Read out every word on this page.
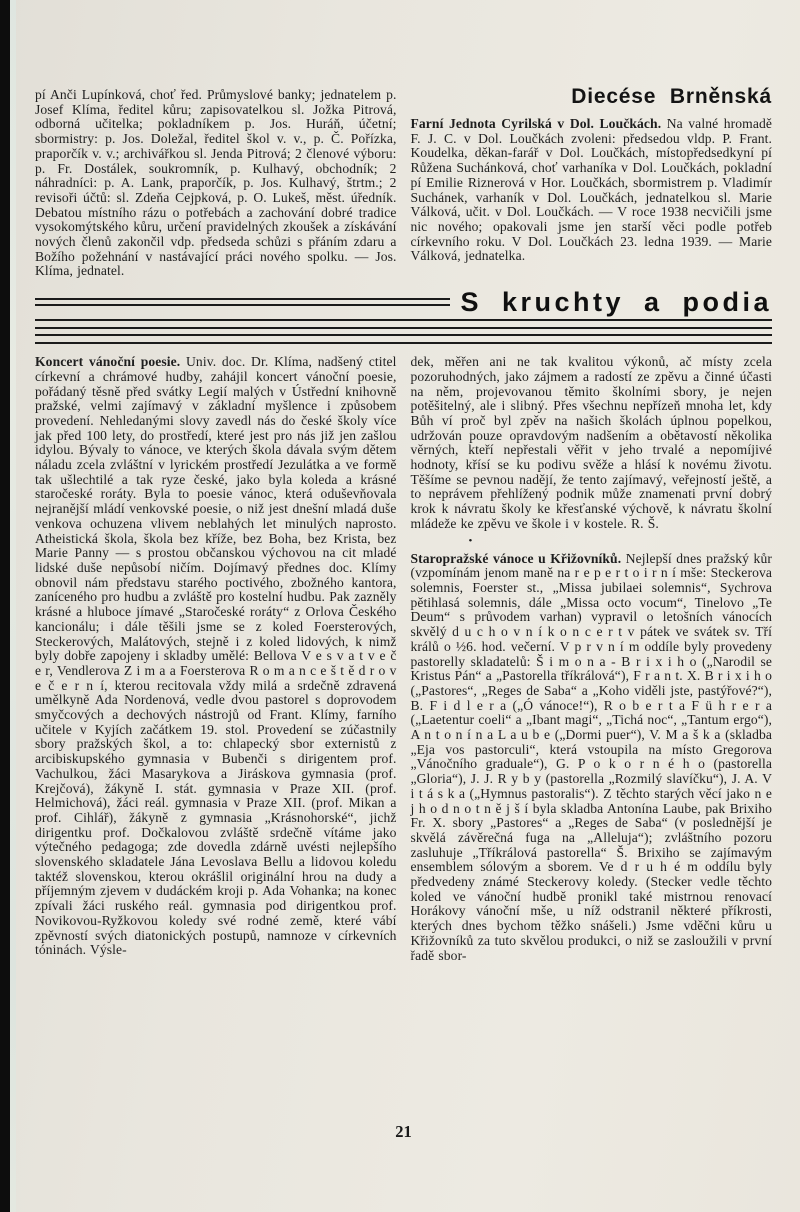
pí Anči Lupínková, choť řed. Průmyslové banky; jednatelem p. Josef Klíma, ředitel kůru; zapisovatelkou sl. Jožka Pitrová, odborná učitelka; pokladníkem p. Jos. Huráň, účetní; sbormistry: p. Jos. Doležal, ředitel škol v. v., p. Č. Pořízka, praporčík v. v.; archivářkou sl. Jenda Pitrová; 2 členové výboru: p. Fr. Dostálek, soukromník, p. Kulhavý, obchodník; 2 náhradníci: p. A. Lank, praporčík, p. Jos. Kulhavý, štrtm.; 2 revisoři účtů: sl. Zdeňa Cejpková, p. O. Lukeš, měst. úředník. Debatou místního rázu o potřebách a zachování dobré tradice vysokomýtského kůru, určení pravidelných zkoušek a získávání nových členů zakončil vdp. předseda schůzi s přáním zdaru a Božího požehnání v nastávající práci nového spolku. — Jos. Klíma, jednatel.

Diecése Brněnská

Farní Jednota Cyrilská v Dol. Loučkách. Na valné hromadě F. J. C. v Dol. Loučkách zvoleni: předsedou vldp. P. Frant. Koudelka, děkan-farář v Dol. Loučkách, místopředsedkyní pí Růžena Suchánková, choť varhaníka v Dol. Loučkách, pokladní pí Emilie Riznerová v Hor. Loučkách, sbormistrem p. Vladimír Suchánek, varhaník v Dol. Loučkách, jednatelkou sl. Marie Válková, učit. v Dol. Loučkách. — V roce 1938 necvičili jsme nic nového; opakovali jsme jen starší věci podle potřeb církevního roku. V Dol. Loučkách 23. ledna 1939. — Marie Válková, jednatelka.

S kruchty a podia

Koncert vánoční poesie. Univ. doc. Dr. Klíma, nadšený ctitel církevní a chrámové hudby, zahájil koncert vánoční poesie, pořádaný těsně před svátky Legií malých v Ústřední knihovně pražské, velmi zajímavý v základní myšlence i způsobem provedení. Nehledanými slovy zavedl nás do české školy více jak před 100 lety, do prostředí, které jest pro nás již jen zašlou idylou. Bývaly to vánoce, ve kterých škola dávala svým dětem náladu zcela zvláštní v lyrickém prostředí Jezulátka a ve formě tak ušlechtilé a tak ryze české, jako byla koleda a krásné staročeské roráty. Byla to poesie vánoc, která oduševňovala nejranější mládí venkovské poesie, o niž jest dnešní mladá duše venkova ochuzena vlivem neblahých let minulých naprosto. Atheistická škola, škola bez kříže, bez Boha, bez Krista, bez Marie Panny — s prostou občanskou výchovou na cit mladé lidské duše nepůsobí ničím. Dojímavý přednes doc. Klímy obnovil nám představu starého poctivého, zbožného kantora, zaníceného pro hudbu a zvláště pro kostelní hudbu. Pak zazněly krásné a hluboce jímavé „Staročeské roráty“ z Orlova Českého kancionálu; i dále těšili jsme se z koled Foersterových, Steckerových, Malátových, stejně i z koled lidových, k nimž byly dobře zapojeny i skladby umělé: Bellova V e s v a t v e č e r, Vendlerova Z i m a a Foersterova R o m a n c e š t ě d r o v e č e r n í, kterou recitovala vždy milá a srdečně zdravená umělkyně Ada Nordenová, vedle dvou pastorel s doprovodem smyčcových a dechových nástrojů od Frant. Klímy, farního učitele v Kyjích začátkem 19. stol. Provedení se zúčastnily sbory pražských škol, a to: chlapecký sbor externistů z arcibiskupského gymnasia v Bubenči s dirigentem prof. Vachulkou, žáci Masarykova a Jiráskova gymnasia (prof. Krejčová), žákyně I. stát. gymnasia v Praze XII. (prof. Helmichová), žáci reál. gymnasia v Praze XII. (prof. Mikan a prof. Cihlář), žákyně z gymnasia „Krásnohorské“, jichž dirigentku prof. Dočkalovou zvláště srdečně vítáme jako výtečného pedagoga; zde dovedla zdárně uvésti nejlepšího slovenského skladatele Jána Levoslava Bellu a lidovou koledu taktéž slovenskou, kterou okrášlil originální hrou na dudy a příjemným zjevem v dudáckém kroji p. Ada Vohanka; na konec zpívali žáci ruského reál. gymnasia pod dirigentkou prof. Novikovou-Ryžkovou koledy své rodné země, které vábí zpěvností svých diatonických postupů, namnoze v církevních tóninách. Výsle-

dek, měřen ani ne tak kvalitou výkonů, ač místy zcela pozoruhodných, jako zájmem a radostí ze zpěvu a činné účasti na něm, projevovanou těmito školními sbory, je nejen potěšitelný, ale i slibný. Přes všechnu nepřízeň mnoha let, kdy Bůh ví proč byl zpěv na našich školách úplnou popelkou, udržován pouze opravdovým nadšením a obětavostí několika věrných, kteří nepřestali věřit v jeho trvalé a nepomíjivé hodnoty, křísí se ku podivu svěže a hlásí k novému životu. Těšíme se pevnou nadějí, že tento zajímavý, veřejností ještě, a to neprávem přehlížený podnik může znamenati první dobrý krok k návratu školy ke křesťanské výchově, k návratu školní mládeže ke zpěvu ve škole i v kostele. R. Š.

•

Staropražské vánoce u Křižovníků. Nejlepší dnes pražský kůr (vzpomínám jenom maně na r e p e r t o i r n í mše: Steckerova solemnis, Foerster st., „Missa jubilaei solemnis“, Sychrova pětihlasá solemnis, dále „Missa octo vocum“, Tinelovo „Te Deum“ s průvodem varhan) vypravil o letošních vánocích skvělý d u c h o v n í k o n c e r t v pátek ve svátek sv. Tří králů o ½6. hod. večerní. V p r v n í m oddíle byly provedeny pastorelly skladatelů: Š i m o n a - B r i x i h o („Narodil se Kristus Pán“ a „Pastorella tříkrálová“), F r a n t. X. B r i x i h o („Pastores“, „Reges de Saba“ a „Koho viděli jste, pastýřové?“), B. F i d l e r a („Ó vánoce!“), R o b e r t a F ü h r e r a („Laetentur coeli“ a „Ibant magi“, „Tichá noc“, „Tantum ergo“), A n t o n í n a L a u b e („Dormi puer“), V. M a š k a (skladba „Eja vos pastorculi“, která vstoupila na místo Gregorova „Vánočního graduale“), G. P o k o r n é h o (pastorella „Gloria“), J. J. R y b y (pastorella „Rozmilý slavíčku“), J. A. V i t á s k a („Hymnus pastoralis“). Z těchto starých věcí jako n e j h o d n o t n ě j š í byla skladba Antonína Laube, pak Brixiho Fr. X. sbory „Pastores“ a „Reges de Saba“ (v poslednější je skvělá závěrečná fuga na „Alleluja“); zvláštního pozoru zasluhuje „Tříkrálová pastorella“ Š. Brixiho se zajímavým ensemblem sólovým a sborem. Ve d r u h é m oddílu byly předvedeny známé Steckerovy koledy. (Stecker vedle těchto koled ve vánoční hudbě pronikl také mistrnou renovací Horákovy vánoční mše, u níž odstranil některé příkrosti, kterých dnes bychom těžko snášeli.) Jsme vděčni kůru u Křižovníků za tuto skvělou produkci, o niž se zasloužili v první řadě sbor-

21
